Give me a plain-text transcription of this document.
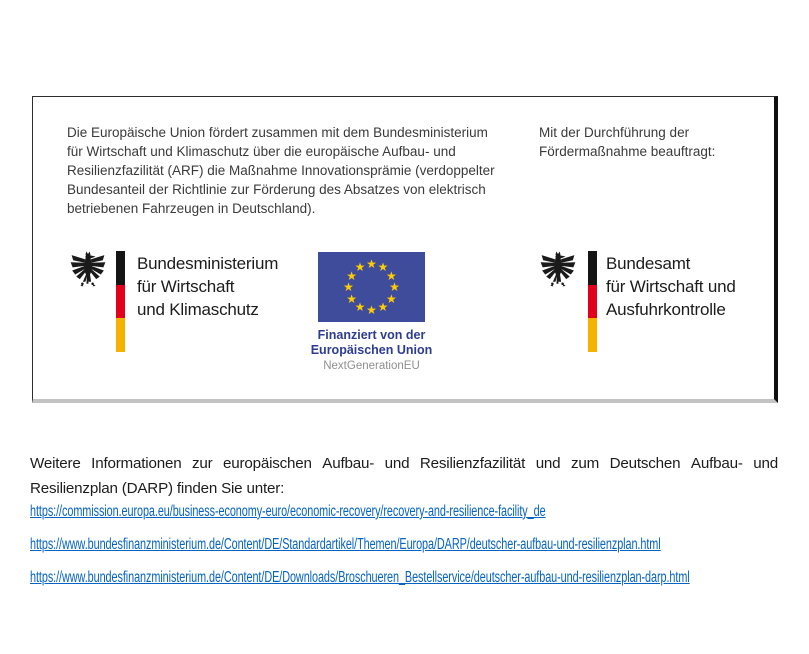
Die Europäische Union fördert zusammen mit dem Bundesministerium
für Wirtschaft und Klimaschutz über die europäische Aufbau- und
Resilienzfazilität (ARF) die Maßnahme Innovationsprämie (verdoppelter
Bundesanteil der Richtlinie zur Förderung des Absatzes von elektrisch
betriebenen Fahrzeugen in Deutschland).
Mit der Durchführung der
Fördermaßnahme beauftragt:
Bundesministerium
für Wirtschaft
und Klimaschutz
★ ★
★
★
★
★
★
★
★
★
★
★
Finanziert von der
Europäischen Union
NextGenerationEU
Bundesamt
für Wirtschaft und
Ausfuhrkontrolle
Weitere Informationen zur europäischen Aufbau- und Resilienzfazilität und zum Deutschen Aufbau- und
Resilienzplan (DARP) finden Sie unter:
https://commission.europa.eu/business-economy-euro/economic-recovery/recovery-and-resilience-facility_de
https://www.bundesfinanzministerium.de/Content/DE/Standardartikel/Themen/Europa/DARP/deutscher-aufbau-und-resilienzplan.html
https://www.bundesfinanzministerium.de/Content/DE/Downloads/Broschueren_Bestellservice/deutscher-aufbau-und-resilienzplan-darp.html
